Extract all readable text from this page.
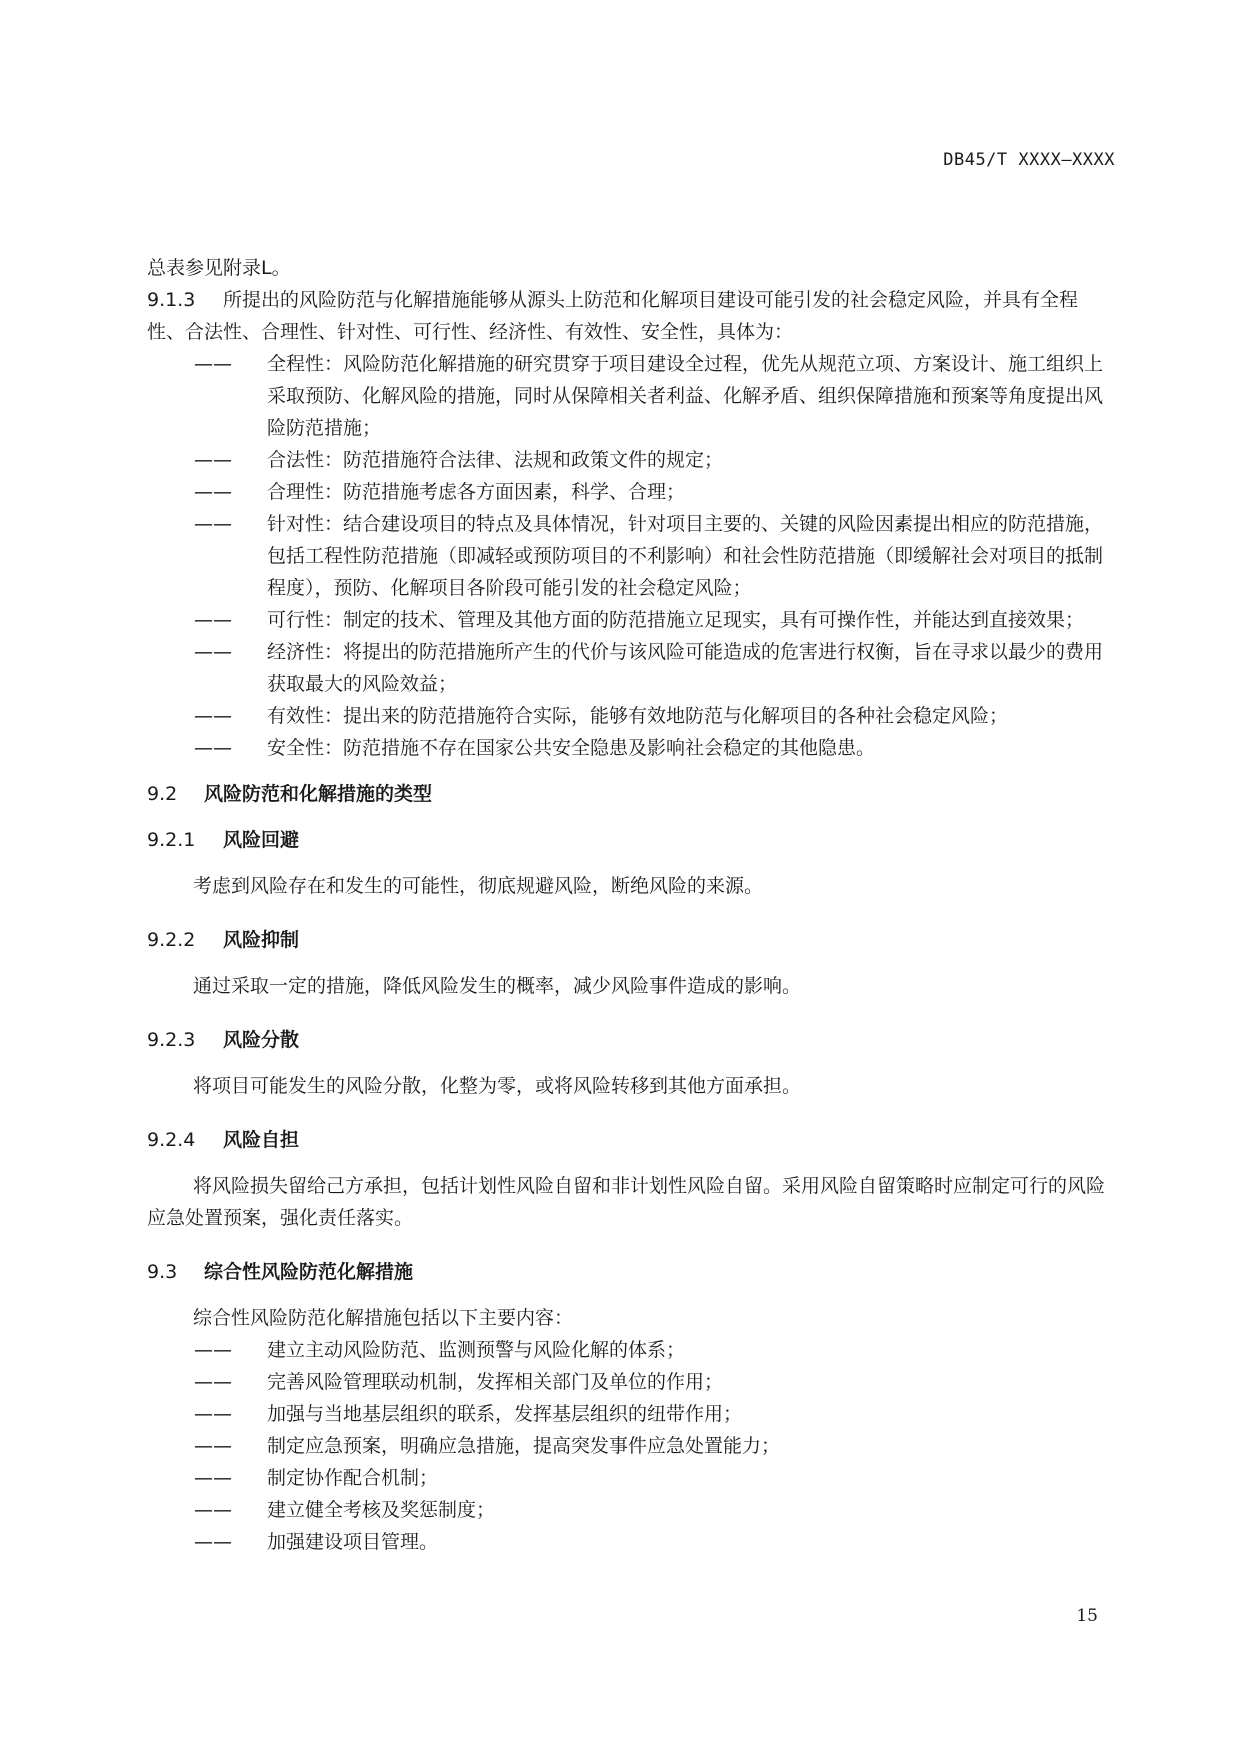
DB45/T XXXX—XXXX

总表参见附录L。

9.1.3	所提出的风险防范与化解措施能够从源头上防范和化解项目建设可能引发的社会稳定风险，并具有全程性、合法性、合理性、针对性、可行性、经济性、有效性、安全性，具体为：
——	全程性：风险防范化解措施的研究贯穿于项目建设全过程，优先从规范立项、方案设计、施工组织上采取预防、化解风险的措施，同时从保障相关者利益、化解矛盾、组织保障措施和预案等角度提出风险防范措施；
——	合法性：防范措施符合法律、法规和政策文件的规定；
——	合理性：防范措施考虑各方面因素，科学、合理；
——	针对性：结合建设项目的特点及具体情况，针对项目主要的、关键的风险因素提出相应的防范措施，包括工程性防范措施（即减轻或预防项目的不利影响）和社会性防范措施（即缓解社会对项目的抵制程度），预防、化解项目各阶段可能引发的社会稳定风险；
——	可行性：制定的技术、管理及其他方面的防范措施立足现实，具有可操作性，并能达到直接效果；
——	经济性：将提出的防范措施所产生的代价与该风险可能造成的危害进行权衡，旨在寻求以最少的费用获取最大的风险效益；
——	有效性：提出来的防范措施符合实际，能够有效地防范与化解项目的各种社会稳定风险；
——	安全性：防范措施不存在国家公共安全隐患及影响社会稳定的其他隐患。
9.2	风险防范和化解措施的类型
9.2.1	风险回避

考虑到风险存在和发生的可能性，彻底规避风险，断绝风险的来源。

9.2.2	风险抑制

通过采取一定的措施，降低风险发生的概率，减少风险事件造成的影响。

9.2.3	风险分散

将项目可能发生的风险分散，化整为零，或将风险转移到其他方面承担。

9.2.4	风险自担

将风险损失留给己方承担，包括计划性风险自留和非计划性风险自留。采用风险自留策略时应制定可行的风险应急处置预案，强化责任落实。

9.3	综合性风险防范化解措施

综合性风险防范化解措施包括以下主要内容：

——	建立主动风险防范、监测预警与风险化解的体系；
——	完善风险管理联动机制，发挥相关部门及单位的作用；
——	加强与当地基层组织的联系，发挥基层组织的纽带作用；
——	制定应急预案，明确应急措施，提高突发事件应急处置能力；
——	制定协作配合机制；
——	建立健全考核及奖惩制度；
——	加强建设项目管理。
15
